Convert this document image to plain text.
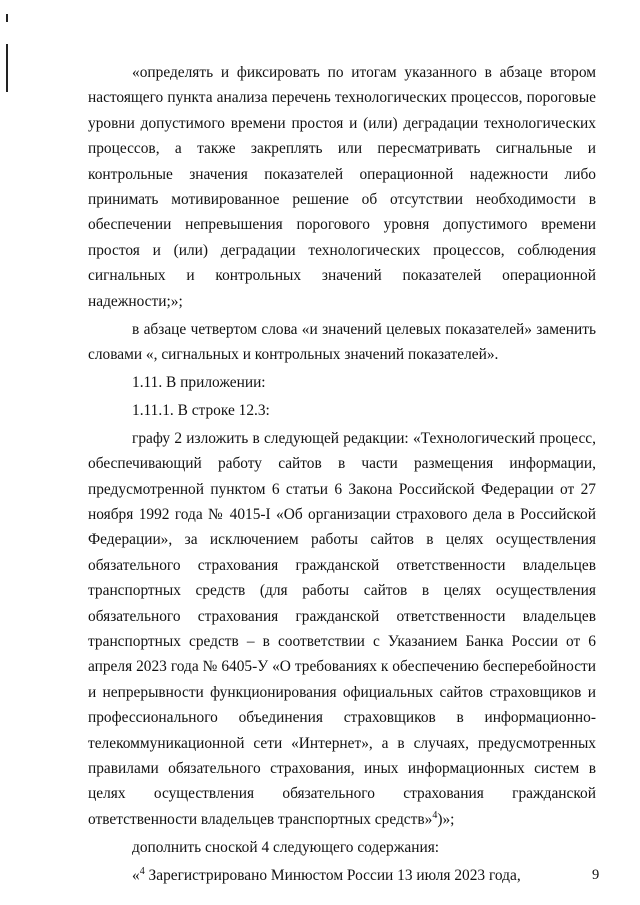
«определять и фиксировать по итогам указанного в абзаце втором настоящего пункта анализа перечень технологических процессов, пороговые уровни допустимого времени простоя и (или) деградации технологических процессов, а также закреплять или пересматривать сигнальные и контрольные значения показателей операционной надежности либо принимать мотивированное решение об отсутствии необходимости в обеспечении непревышения порогового уровня допустимого времени простоя и (или) деградации технологических процессов, соблюдения сигнальных и контрольных значений показателей операционной надежности;»;

в абзаце четвертом слова «и значений целевых показателей» заменить словами «, сигнальных и контрольных значений показателей».

1.11. В приложении:

1.11.1. В строке 12.3:

графу 2 изложить в следующей редакции: «Технологический процесс, обеспечивающий работу сайтов в части размещения информации, предусмотренной пунктом 6 статьи 6 Закона Российской Федерации от 27 ноября 1992 года № 4015-I «Об организации страхового дела в Российской Федерации», за исключением работы сайтов в целях осуществления обязательного страхования гражданской ответственности владельцев транспортных средств (для работы сайтов в целях осуществления обязательного страхования гражданской ответственности владельцев транспортных средств – в соответствии с Указанием Банка России от 6 апреля 2023 года № 6405-У «О требованиях к обеспечению бесперебойности и непрерывности функционирования официальных сайтов страховщиков и профессионального объединения страховщиков в информационно-телекоммуникационной сети «Интернет», а в случаях, предусмотренных правилами обязательного страхования, иных информационных систем в целях осуществления обязательного страхования гражданской ответственности владельцев транспортных средств»$^4$)»;

дополнить сноской 4 следующего содержания:

«$^4$ Зарегистрировано Минюстом России 13 июля 2023 года,	9
